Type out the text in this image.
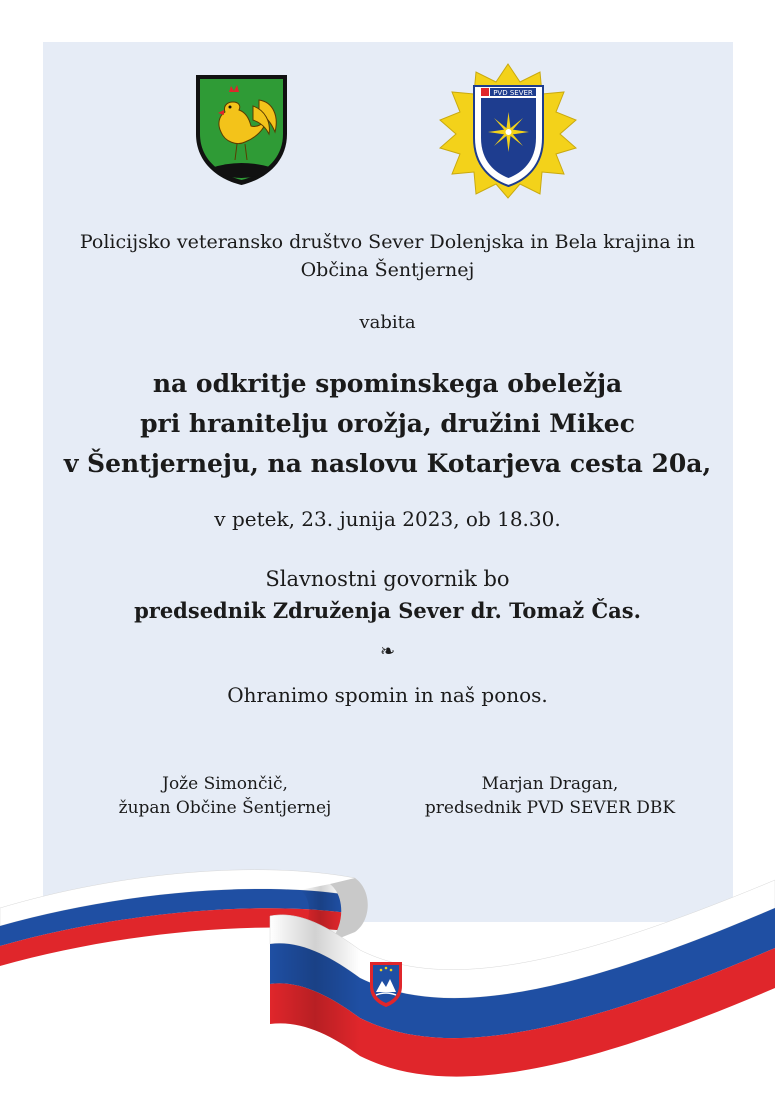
PVD SEVER
Policijsko veteransko društvo Sever Dolenjska in Bela krajina in
Občina Šentjernej
vabita
na odkritje spominskega obeležja
pri hranitelju orožja, družini Mikec
v Šentjerneju, na naslovu Kotarjeva cesta 20a,
v petek, 23. junija 2023, ob 18.30.
Slavnostni govornik bo
predsednik Združenja Sever dr. Tomaž Čas.
❧
Ohranimo spomin in naš ponos.
Jože Simončič,
župan Občine Šentjernej
Marjan Dragan,
predsednik PVD SEVER DBK
